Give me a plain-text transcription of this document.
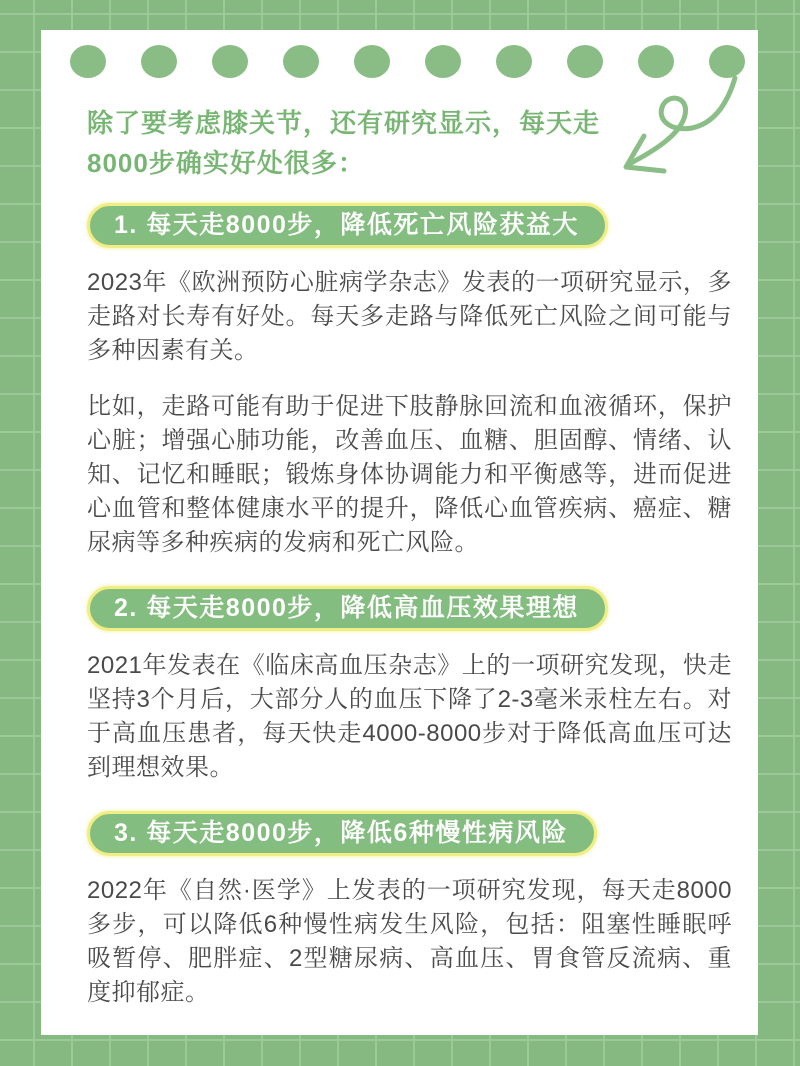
除了要考虑膝关节，还有研究显示，每天走8000步确实好处很多：

1. 每天走8000步，降低死亡风险获益大

2023年《欧洲预防心脏病学杂志》发表的一项研究显示，多走路对长寿有好处。每天多走路与降低死亡风险之间可能与多种因素有关。

比如，走路可能有助于促进下肢静脉回流和血液循环，保护心脏；增强心肺功能，改善血压、血糖、胆固醇、情绪、认知、记忆和睡眠；锻炼身体协调能力和平衡感等，进而促进心血管和整体健康水平的提升，降低心血管疾病、癌症、糖尿病等多种疾病的发病和死亡风险。

2. 每天走8000步，降低高血压效果理想

2021年发表在《临床高血压杂志》上的一项研究发现，快走坚持3个月后，大部分人的血压下降了2-3毫米汞柱左右。对于高血压患者，每天快走4000-8000步对于降低高血压可达到理想效果。

3. 每天走8000步，降低6种慢性病风险

2022年《自然·医学》上发表的一项研究发现，每天走8000多步，可以降低6种慢性病发生风险，包括：阻塞性睡眠呼吸暂停、肥胖症、2型糖尿病、高血压、胃食管反流病、重度抑郁症。
